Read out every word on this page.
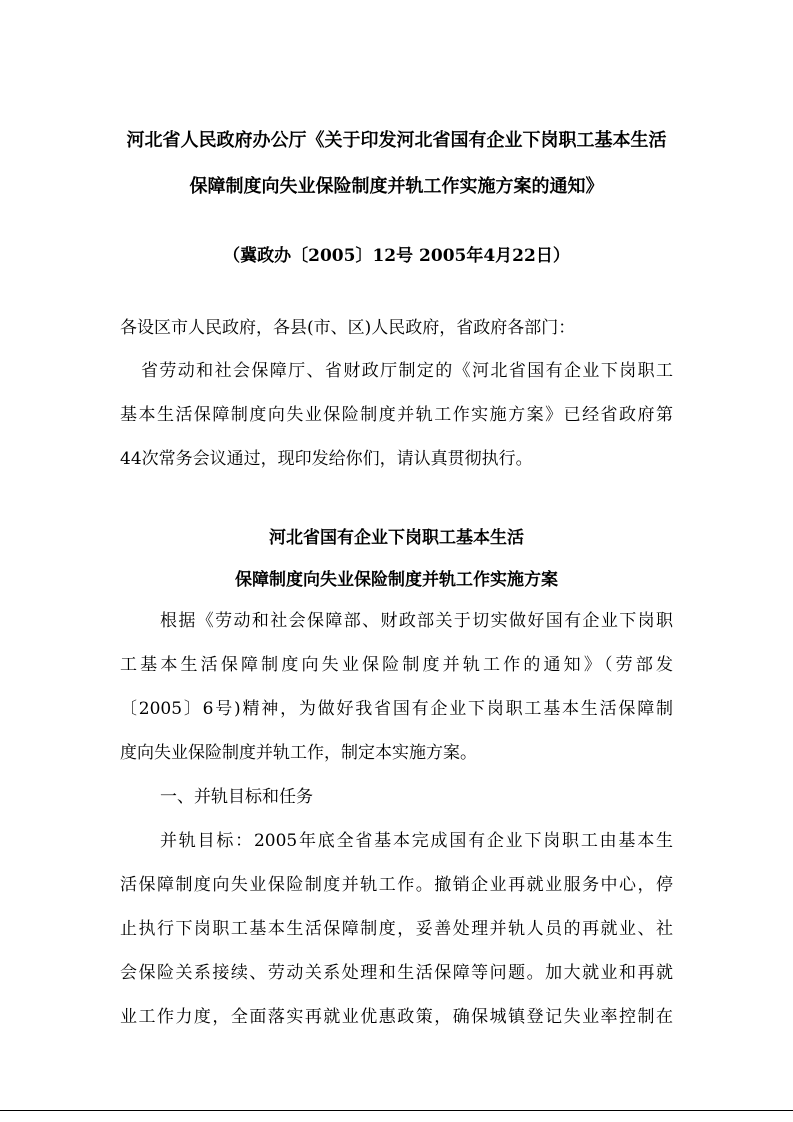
河北省人民政府办公厅《关于印发河北省国有企业下岗职工基本生活
保障制度向失业保险制度并轨工作实施方案的通知》
（冀政办〔2005〕12号 2005年4月22日）
各设区市人民政府，各县(市、区)人民政府，省政府各部门：
省劳动和社会保障厅、省财政厅制定的《河北省国有企业下岗职工
基本生活保障制度向失业保险制度并轨工作实施方案》已经省政府第
44次常务会议通过，现印发给你们，请认真贯彻执行。
河北省国有企业下岗职工基本生活
保障制度向失业保险制度并轨工作实施方案
根据《劳动和社会保障部、财政部关于切实做好国有企业下岗职
工基本生活保障制度向失业保险制度并轨工作的通知》（劳部发
〔2005〕6号)精神，为做好我省国有企业下岗职工基本生活保障制
度向失业保险制度并轨工作，制定本实施方案。
一、并轨目标和任务
并轨目标：2005年底全省基本完成国有企业下岗职工由基本生
活保障制度向失业保险制度并轨工作。撤销企业再就业服务中心，停
止执行下岗职工基本生活保障制度，妥善处理并轨人员的再就业、社
会保险关系接续、劳动关系处理和生活保障等问题。加大就业和再就
业工作力度，全面落实再就业优惠政策，确保城镇登记失业率控制在
